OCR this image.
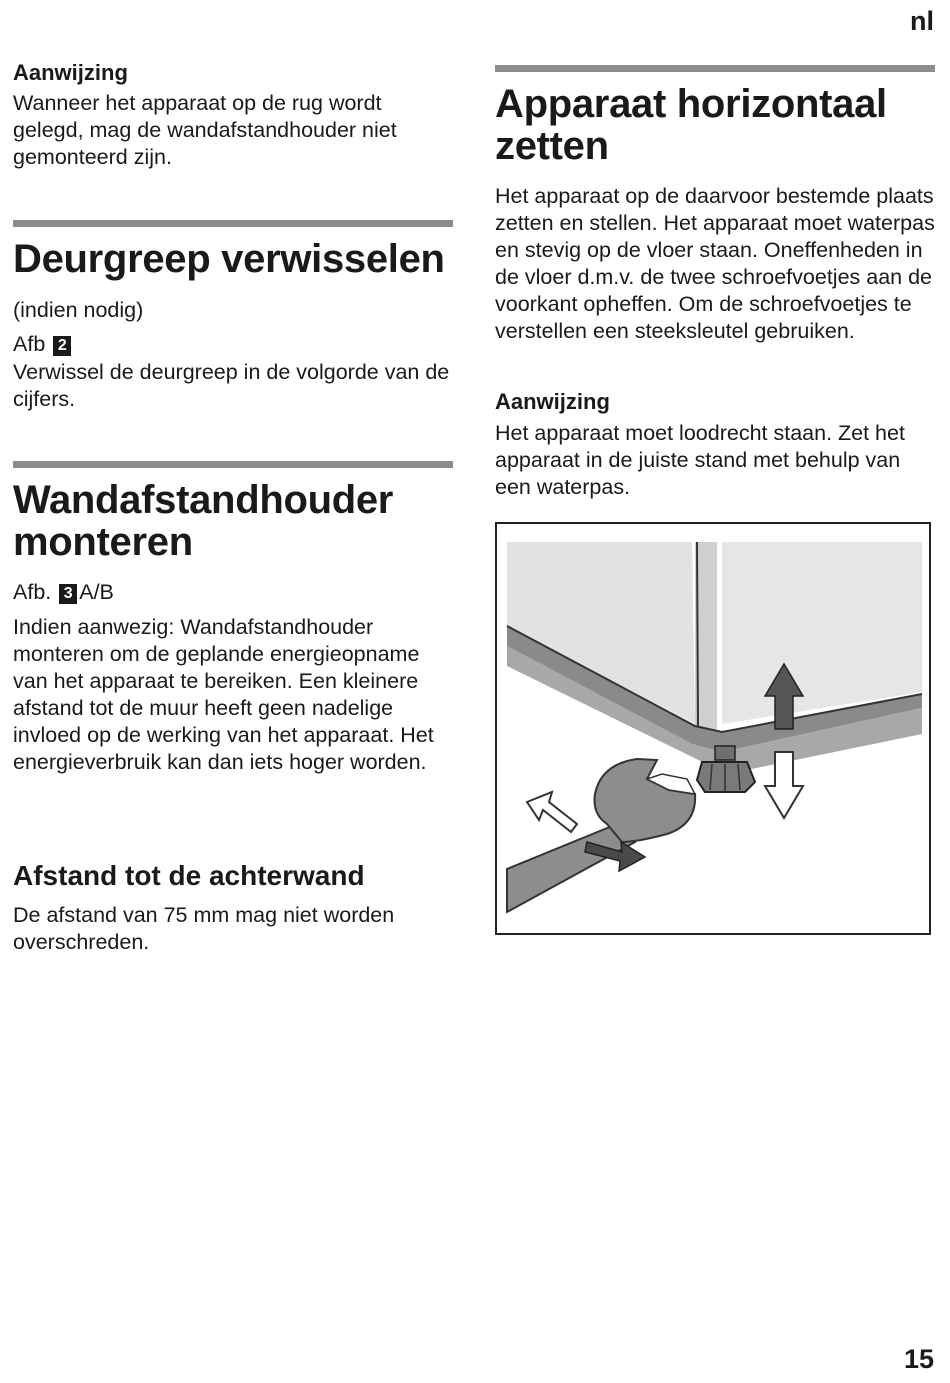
nl
Aanwijzing

Wanneer het apparaat op de rug wordt gelegd, mag de wandafstandhouder niet gemonteerd zijn.

Deurgreep verwisselen

(indien nodig)

Afb 2

Verwissel de deurgreep in de volgorde van de cijfers.

Wandafstandhouder monteren

Afb. 3 A/B

Indien aanwezig: Wandafstandhouder monteren om de geplande energieopname van het apparaat te bereiken. Een kleinere afstand tot de muur heeft geen nadelige invloed op de werking van het apparaat. Het energieverbruik kan dan iets hoger worden.

Afstand tot de achterwand

De afstand van 75 mm mag niet worden overschreden.

Apparaat horizontaal zetten

Het apparaat op de daarvoor bestemde plaats zetten en stellen. Het apparaat moet waterpas en stevig op de vloer staan. Oneffenheden in de vloer d.m.v. de twee schroefvoetjes aan de voorkant opheffen. Om de schroefvoetjes te verstellen een steeksleutel gebruiken.

Aanwijzing

Het apparaat moet loodrecht staan. Zet het apparaat in de juiste stand met behulp van een waterpas.

15
